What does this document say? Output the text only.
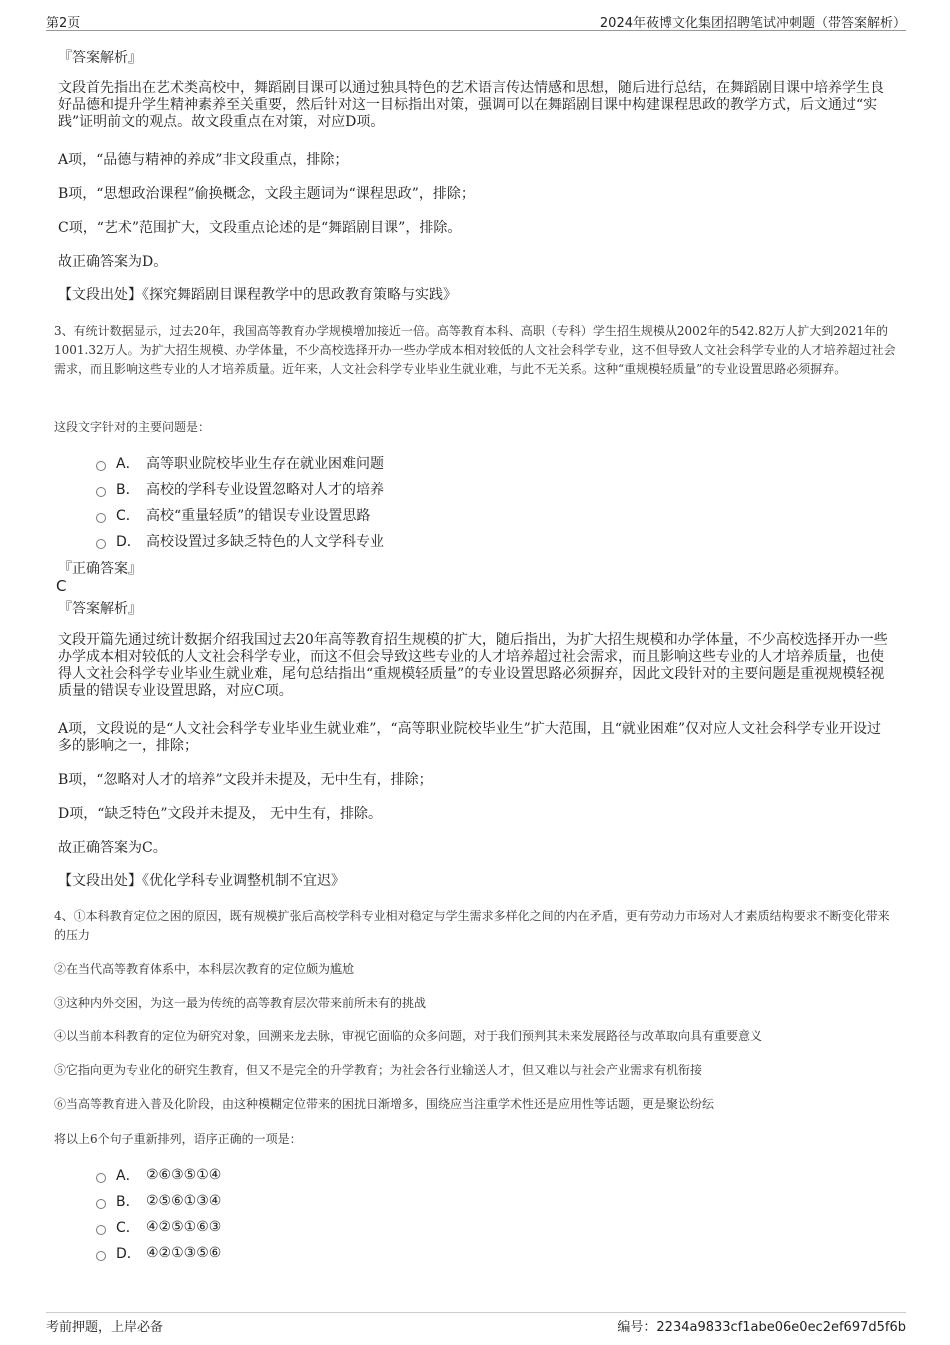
第2页	2024年莜博文化集团招聘笔试冲刺题（带答案解析）
『答案解析』

文段首先指出在艺术类高校中，舞蹈剧目课可以通过独具特色的艺术语言传达情感和思想，随后进行总结，在舞蹈剧目课中培养学生良好品德和提升学生精神素养至关重要，然后针对这一目标指出对策，强调可以在舞蹈剧目课中构建课程思政的教学方式，后文通过“实践”证明前文的观点。故文段重点在对策，对应D项。

A项，“品德与精神的养成”非文段重点，排除；

B项，“思想政治课程”偷换概念，文段主题词为“课程思政”，排除；

C项，“艺术”范围扩大，文段重点论述的是“舞蹈剧目课”，排除。

故正确答案为D。

【文段出处】《探究舞蹈剧目课程教学中的思政教育策略与实践》

3、有统计数据显示，过去20年，我国高等教育办学规模增加接近一倍。高等教育本科、高职（专科）学生招生规模从2002年的542.82万人扩大到2021年的1001.32万人。为扩大招生规模、办学体量，不少高校选择开办一些办学成本相对较低的人文社会科学专业，这不但导致人文社会科学专业的人才培养超过社会需求，而且影响这些专业的人才培养质量。近年来，人文社会科学专业毕业生就业难，与此不无关系。这种“重规模轻质量”的专业设置思路必须摒弃。

这段文字针对的主要问题是：
A． 高等职业院校毕业生存在就业困难问题
B． 高校的学科专业设置忽略对人才的培养
C． 高校“重量轻质”的错误专业设置思路
D． 高校设置过多缺乏特色的人文学科专业
『正确答案』
C
『答案解析』

文段开篇先通过统计数据介绍我国过去20年高等教育招生规模的扩大，随后指出，为扩大招生规模和办学体量，不少高校选择开办一些办学成本相对较低的人文社会科学专业，而这不但会导致这些专业的人才培养超过社会需求，而且影响这些专业的人才培养质量，也使得人文社会科学专业毕业生就业难，尾句总结指出“重规模轻质量”的专业设置思路必须摒弃，因此文段针对的主要问题是重视规模轻视质量的错误专业设置思路，对应C项。

A项，文段说的是“人文社会科学专业毕业生就业难”，“高等职业院校毕业生”扩大范围，且“就业困难”仅对应人文社会科学专业开设过多的影响之一，排除；

B项，“忽略对人才的培养”文段并未提及，无中生有，排除；

D项，“缺乏特色”文段并未提及， 无中生有，排除。

故正确答案为C。

【文段出处】《优化学科专业调整机制不宜迟》

4、①本科教育定位之困的原因，既有规模扩张后高校学科专业相对稳定与学生需求多样化之间的内在矛盾，更有劳动力市场对人才素质结构要求不断变化带来的压力

②在当代高等教育体系中，本科层次教育的定位颇为尴尬

③这种内外交困，为这一最为传统的高等教育层次带来前所未有的挑战

④以当前本科教育的定位为研究对象，回溯来龙去脉，审视它面临的众多问题，对于我们预判其未来发展路径与改革取向具有重要意义

⑤它指向更为专业化的研究生教育，但又不是完全的升学教育；为社会各行业输送人才，但又难以与社会产业需求有机衔接

⑥当高等教育进入普及化阶段，由这种模糊定位带来的困扰日渐增多，围绕应当注重学术性还是应用性等话题，更是聚讼纷纭

将以上6个句子重新排列，语序正确的一项是：
A． ②⑥③⑤①④
B． ②⑤⑥①③④
C． ④②⑤①⑥③
D． ④②①③⑤⑥
考前押题，上岸必备	编号：2234a9833cf1abe06e0ec2ef697d5f6b
